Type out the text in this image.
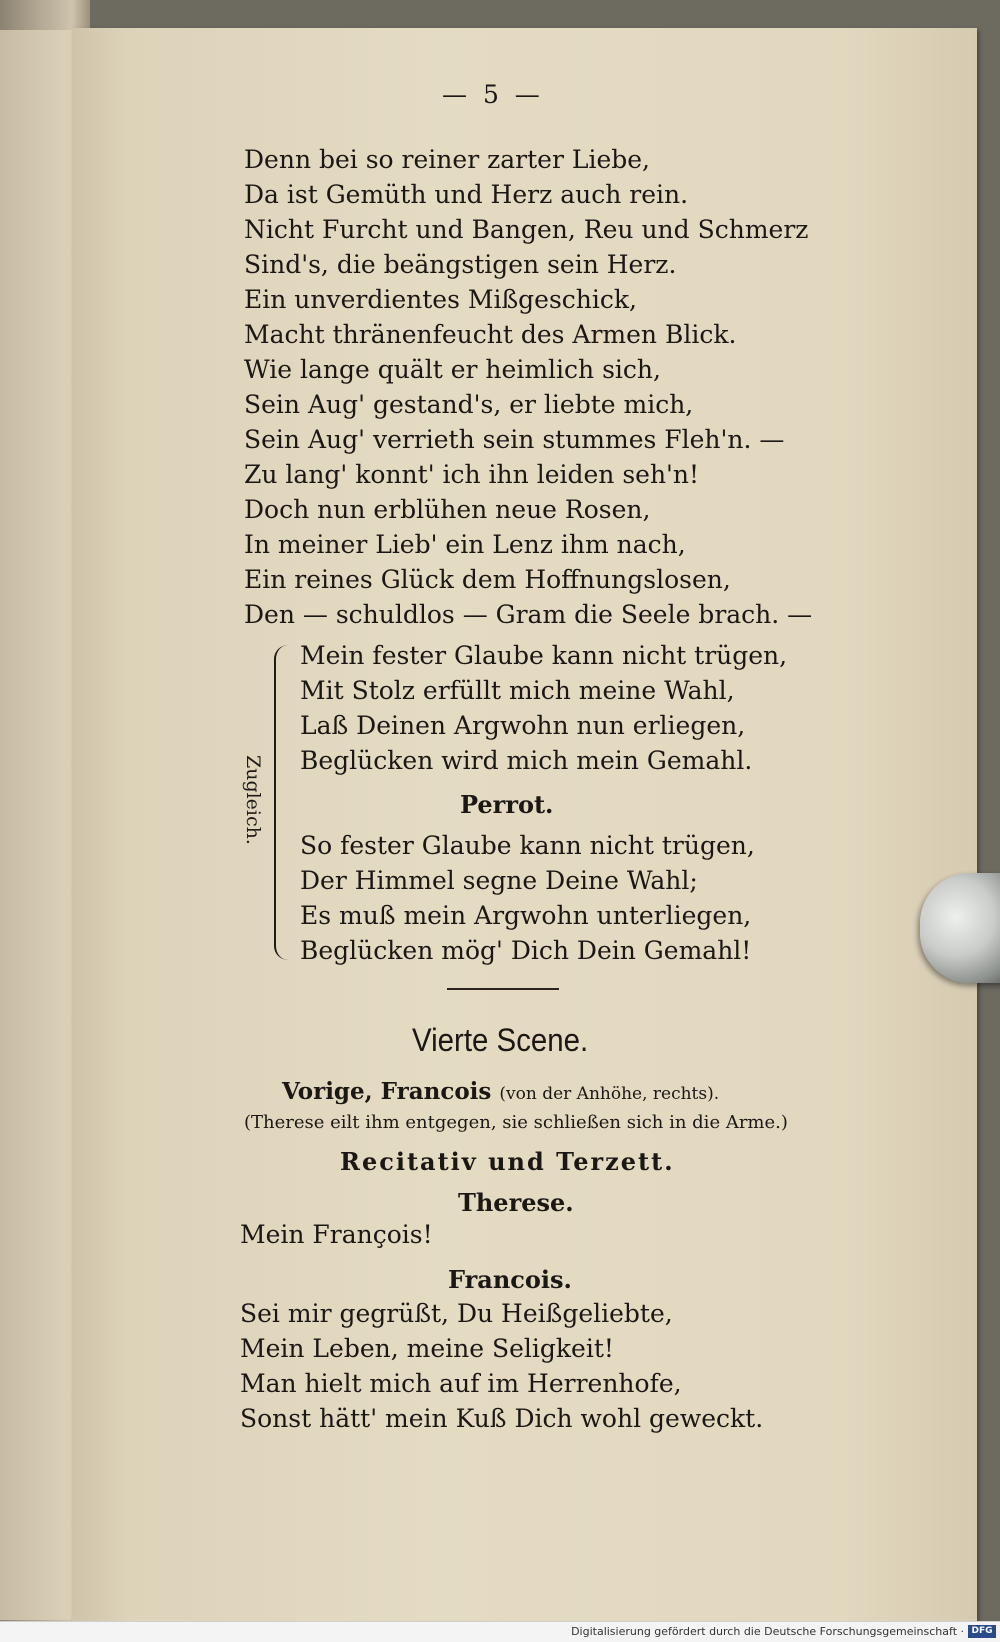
— 5 —
Denn bei so reiner zarter Liebe,
Da ist Gemüth und Herz auch rein.
Nicht Furcht und Bangen, Reu und Schmerz
Sind's, die beängstigen sein Herz.
Ein unverdientes Mißgeschick,
Macht thränenfeucht des Armen Blick.
Wie lange quält er heimlich sich,
Sein Aug' gestand's, er liebte mich,
Sein Aug' verrieth sein stummes Fleh'n. —
Zu lang' konnt' ich ihn leiden seh'n!
Doch nun erblühen neue Rosen,
In meiner Lieb' ein Lenz ihm nach,
Ein reines Glück dem Hoffnungslosen,
Den — schuldlos — Gram die Seele brach. —
Zugleich.
Mein fester Glaube kann nicht trügen,
Mit Stolz erfüllt mich meine Wahl,
Laß Deinen Argwohn nun erliegen,
Beglücken wird mich mein Gemahl.
Perrot.
So fester Glaube kann nicht trügen,
Der Himmel segne Deine Wahl;
Es muß mein Argwohn unterliegen,
Beglücken mög' Dich Dein Gemahl!
Vierte Scene.
Vorige, Francois (von der Anhöhe, rechts).
(Therese eilt ihm entgegen, sie schließen sich in die Arme.)
Recitativ und Terzett.
Therese.
Mein François!
Francois.
Sei mir gegrüßt, Du Heißgeliebte,
Mein Leben, meine Seligkeit!
Man hielt mich auf im Herrenhofe,
Sonst hätt' mein Kuß Dich wohl geweckt.
Digitalisierung gefördert durch die Deutsche Forschungsgemeinschaft · DFG
